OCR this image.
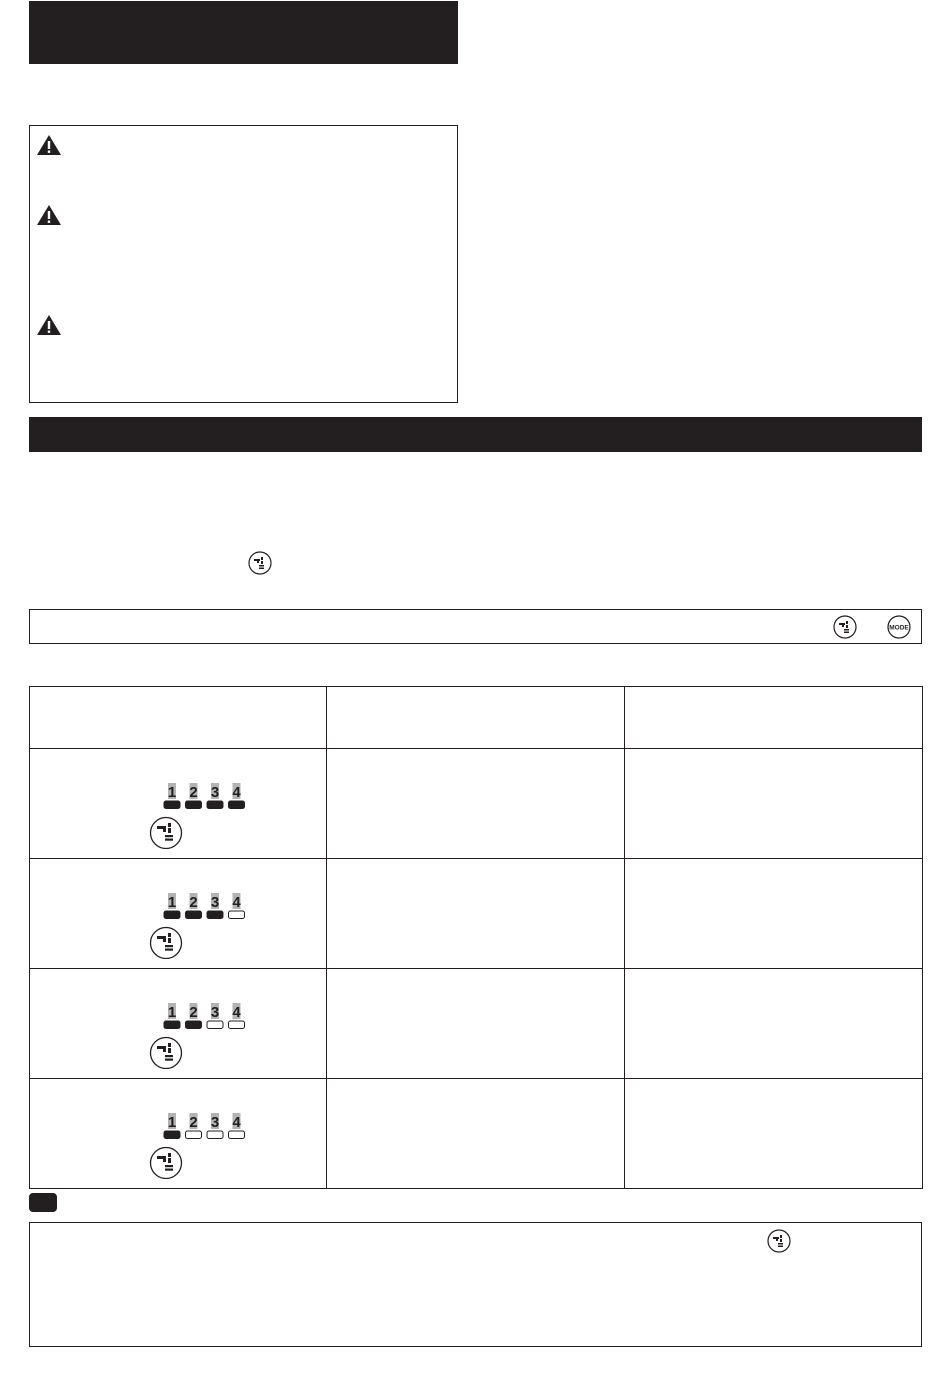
MODE

1 2 3 4		

1 2 3 4		

1 2 3 4		

1 2 3 4		
